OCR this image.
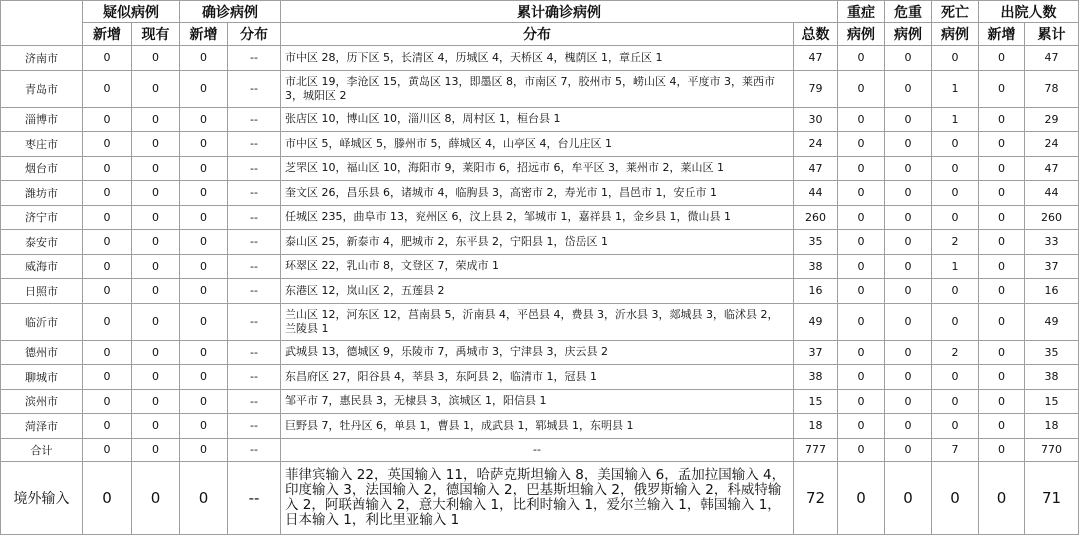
	疑似病例		确诊病例		累计确诊病例		重症	危重	死亡	出院人数	
	新增	现有	新增	分布	分布	总数	病例	病例	病例	新增	累计
济南市	0	0	0	--	市中区 28，历下区 5，长清区 4，历城区 4，天桥区 4，槐荫区 1，章丘区 1	47	0	0	0	0	47
青岛市	0	0	0	--	市北区 19，李沧区 15，黄岛区 13，即墨区 8，市南区 7，胶州市 5，崂山区 4，平度市 3，莱西市 3，城阳区 2	79	0	0	1	0	78
淄博市	0	0	0	--	张店区 10，博山区 10，淄川区 8，周村区 1，桓台县 1	30	0	0	1	0	29
枣庄市	0	0	0	--	市中区 5，峄城区 5，滕州市 5，薛城区 4，山亭区 4，台儿庄区 1	24	0	0	0	0	24
烟台市	0	0	0	--	芝罘区 10，福山区 10，海阳市 9，莱阳市 6，招远市 6，牟平区 3，莱州市 2，莱山区 1	47	0	0	0	0	47
潍坊市	0	0	0	--	奎文区 26，昌乐县 6，诸城市 4，临朐县 3，高密市 2，寿光市 1，昌邑市 1，安丘市 1	44	0	0	0	0	44
济宁市	0	0	0	--	任城区 235，曲阜市 13，兖州区 6，汶上县 2，邹城市 1，嘉祥县 1，金乡县 1，微山县 1	260	0	0	0	0	260
泰安市	0	0	0	--	泰山区 25，新泰市 4，肥城市 2，东平县 2，宁阳县 1，岱岳区 1	35	0	0	2	0	33
威海市	0	0	0	--	环翠区 22，乳山市 8，文登区 7，荣成市 1	38	0	0	1	0	37
日照市	0	0	0	--	东港区 12，岚山区 2，五莲县 2	16	0	0	0	0	16
临沂市	0	0	0	--	兰山区 12，河东区 12，莒南县 5，沂南县 4，平邑县 4，费县 3，沂水县 3，郯城县 3，临沭县 2，兰陵县 1	49	0	0	0	0	49
德州市	0	0	0	--	武城县 13，德城区 9，乐陵市 7，禹城市 3，宁津县 3，庆云县 2	37	0	0	2	0	35
聊城市	0	0	0	--	东昌府区 27，阳谷县 4，莘县 3，东阿县 2，临清市 1，冠县 1	38	0	0	0	0	38
滨州市	0	0	0	--	邹平市 7，惠民县 3，无棣县 3，滨城区 1，阳信县 1	15	0	0	0	0	15
菏泽市	0	0	0	--	巨野县 7，牡丹区 6，单县 1，曹县 1，成武县 1，郓城县 1，东明县 1	18	0	0	0	0	18
合计	0	0	0	--	--	777	0	0	7	0	770
境外输入	0	0	0	--	菲律宾输入 22，英国输入 11，哈萨克斯坦输入 8，美国输入 6，孟加拉国输入 4，印度输入 3，法国输入 2，德国输入 2，巴基斯坦输入 2，俄罗斯输入 2，科威特输入 2，阿联酋输入 2，意大利输入 1，比利时输入 1，爱尔兰输入 1，韩国输入 1，日本输入 1，利比里亚输入 1	72	0	0	0	0	71
